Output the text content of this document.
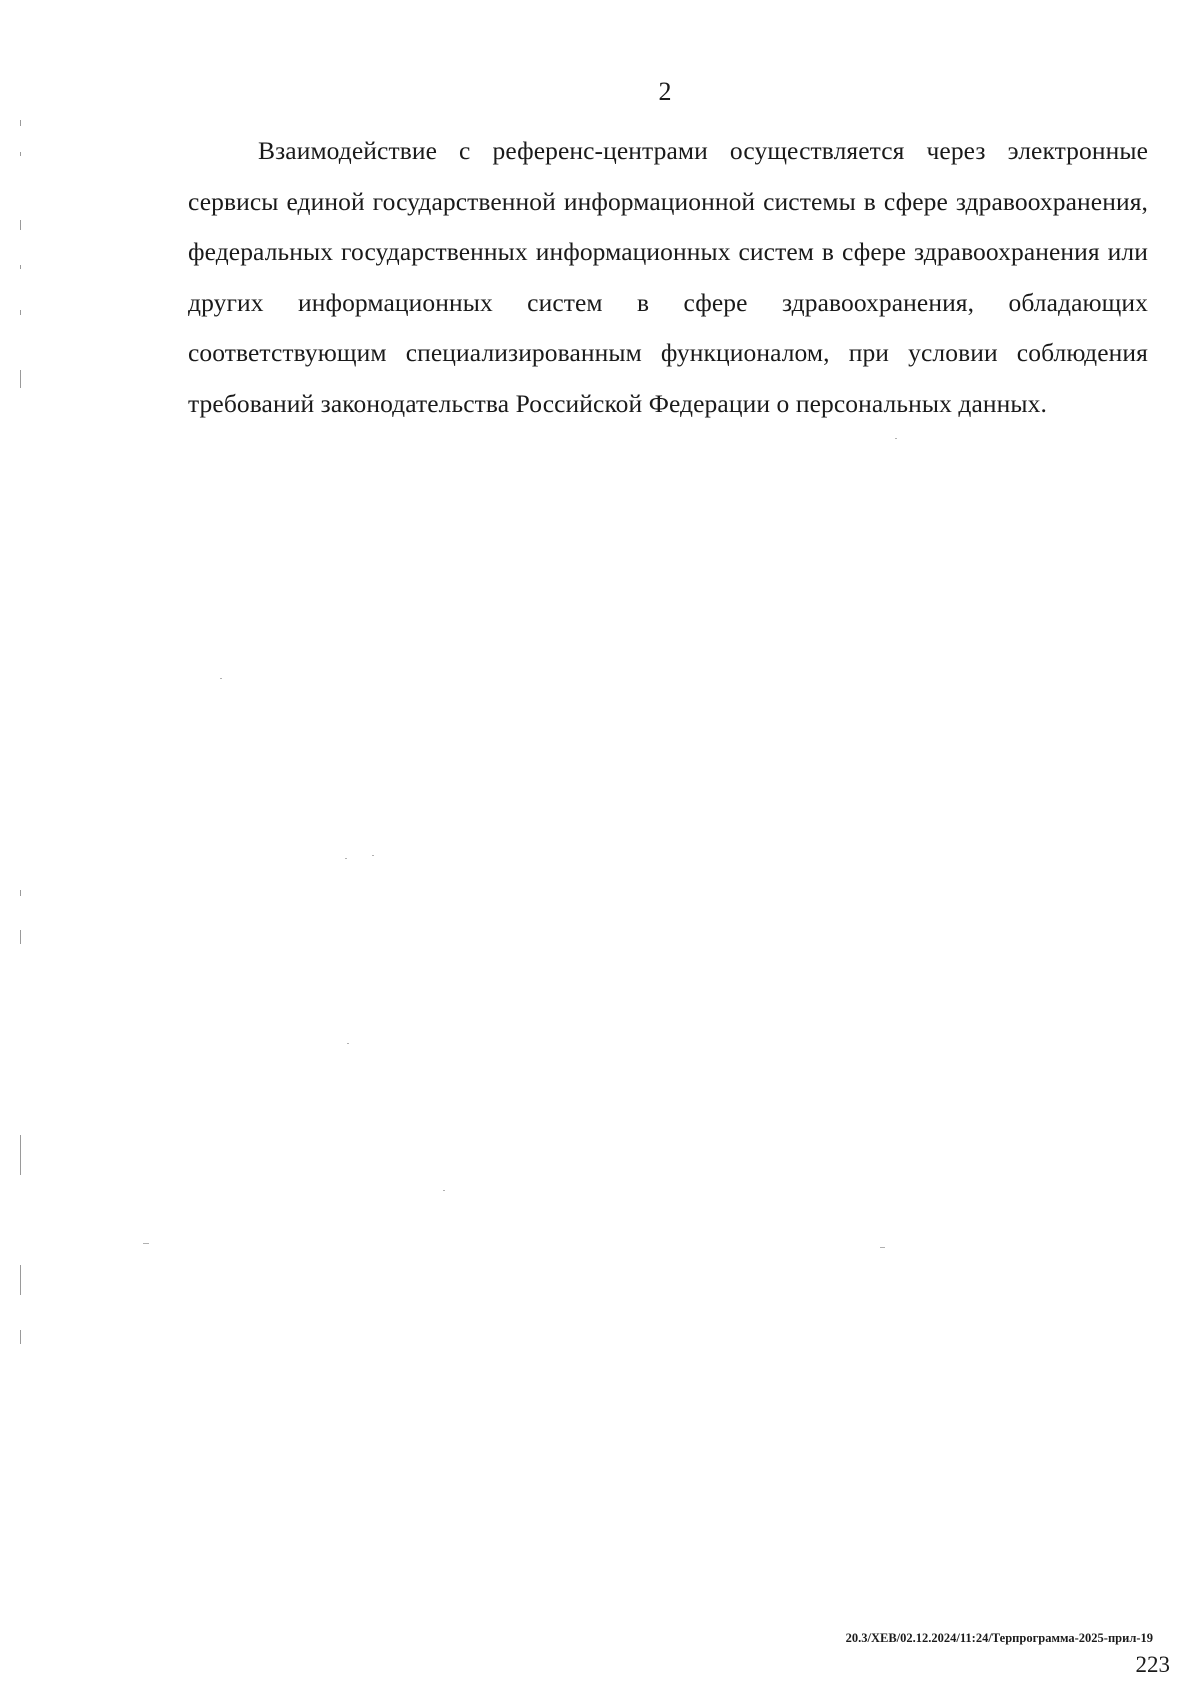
2

Взаимодействие с референс-центрами осуществляется через электронные сервисы единой государственной информационной системы в сфере здравоохранения, федеральных государственных информационных систем в сфере здравоохранения или других информационных систем в сфере здравоохранения, обладающих соответствующим специализированным функционалом, при условии соблюдения требований законодательства Российской Федерации о персональных данных.

20.3/ХЕВ/02.12.2024/11:24/Терпрограмма-2025-прил-19
223
